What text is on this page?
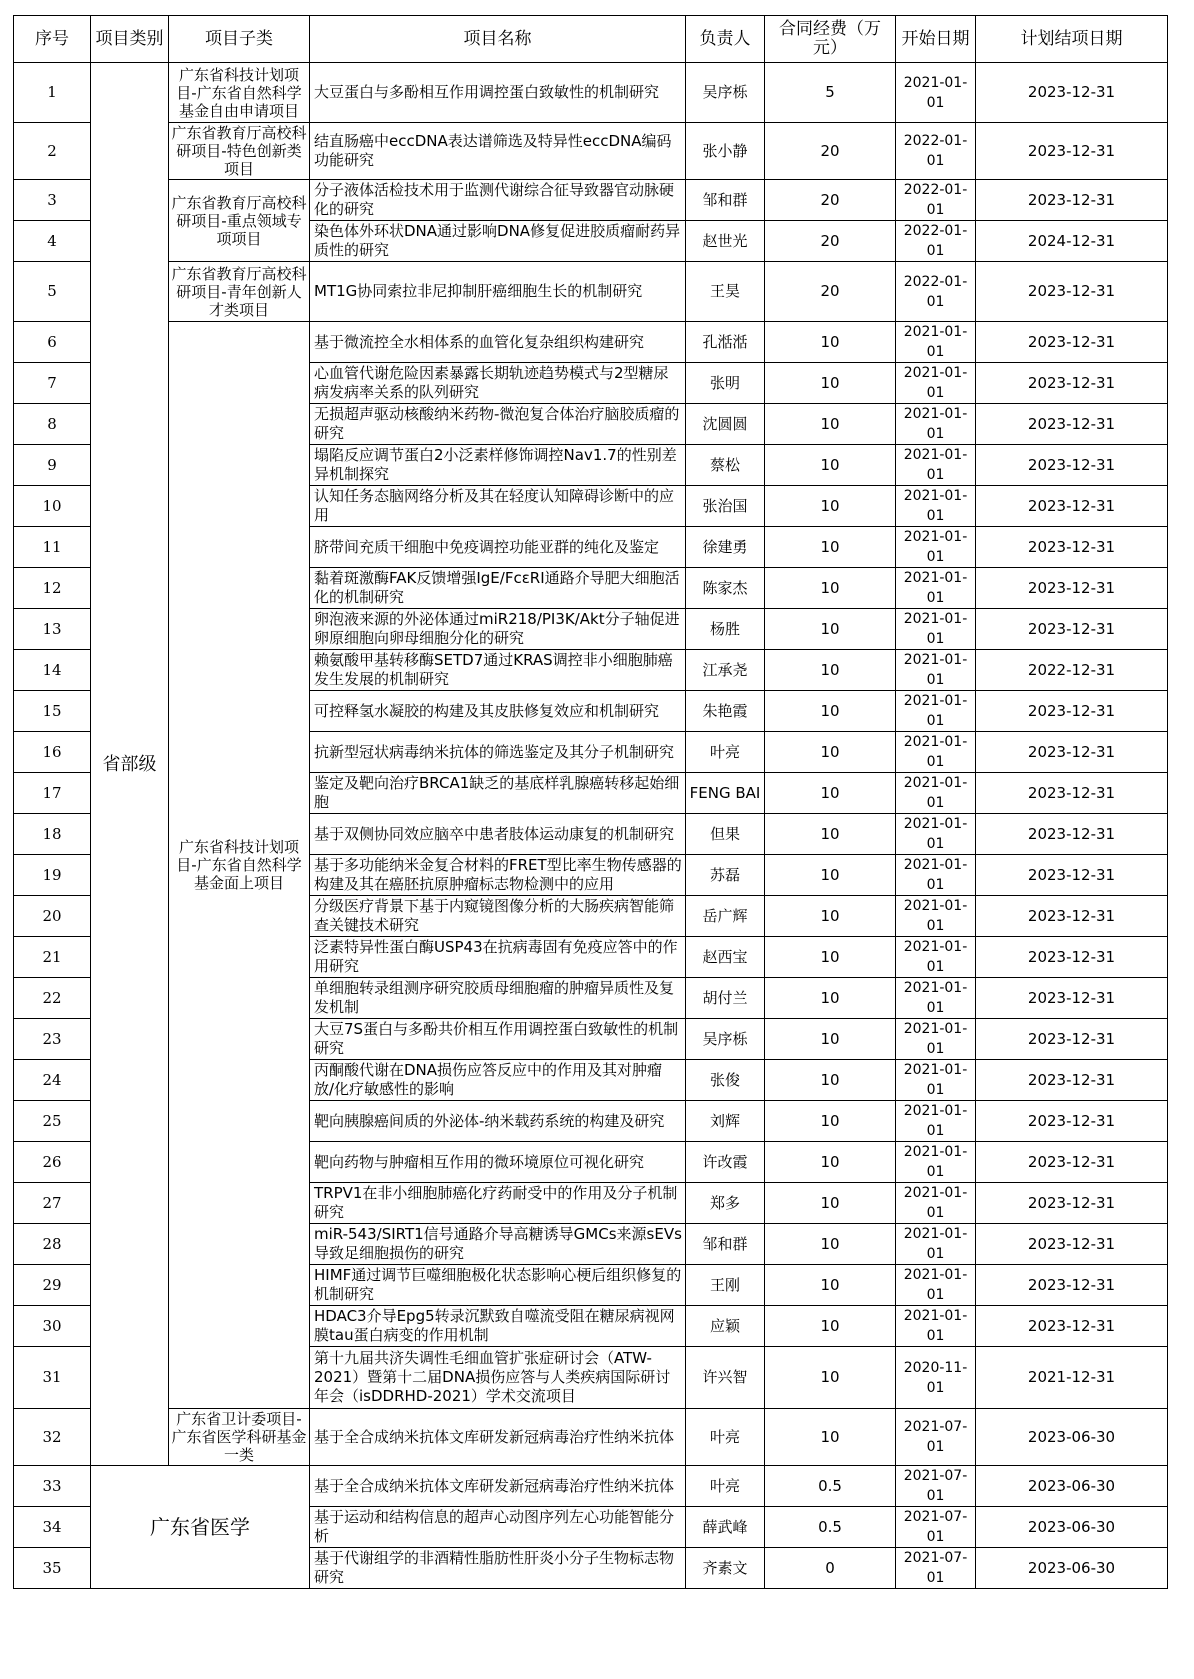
序号	项目类别	项目子类	项目名称	负责人	合同经费（万元）	开始日期	计划结项日期
1	省部级	广东省科技计划项目-广东省自然科学基金自由申请项目	大豆蛋白与多酚相互作用调控蛋白致敏性的机制研究	吴序栎	5	2021-01-01	2023-12-31
2		广东省教育厅高校科研项目-特色创新类项目	结直肠癌中eccDNA表达谱筛选及特异性eccDNA编码功能研究	张小静	20	2022-01-01	2023-12-31
3		广东省教育厅高校科研项目-重点领域专项项目	分子液体活检技术用于监测代谢综合征导致器官动脉硬化的研究	邹和群	20	2022-01-01	2023-12-31
4			染色体外环状DNA通过影响DNA修复促进胶质瘤耐药异质性的研究	赵世光	20	2022-01-01	2024-12-31
5		广东省教育厅高校科研项目-青年创新人才类项目	MT1G协同索拉非尼抑制肝癌细胞生长的机制研究	王昊	20	2022-01-01	2023-12-31
6		广东省科技计划项目-广东省自然科学基金面上项目	基于微流控全水相体系的血管化复杂组织构建研究	孔湉湉	10	2021-01-01	2023-12-31
7			心血管代谢危险因素暴露长期轨迹趋势模式与2型糖尿病发病率关系的队列研究	张明	10	2021-01-01	2023-12-31
8			无损超声驱动核酸纳米药物-微泡复合体治疗脑胶质瘤的研究	沈圆圆	10	2021-01-01	2023-12-31
9			塌陷反应调节蛋白2小泛素样修饰调控Nav1.7的性别差异机制探究	蔡松	10	2021-01-01	2023-12-31
10			认知任务态脑网络分析及其在轻度认知障碍诊断中的应用	张治国	10	2021-01-01	2023-12-31
11			脐带间充质干细胞中免疫调控功能亚群的纯化及鉴定	徐建勇	10	2021-01-01	2023-12-31
12			黏着斑激酶FAK反馈增强IgE/FcεRI通路介导肥大细胞活化的机制研究	陈家杰	10	2021-01-01	2023-12-31
13			卵泡液来源的外泌体通过miR218/PI3K/Akt分子轴促进卵原细胞向卵母细胞分化的研究	杨胜	10	2021-01-01	2023-12-31
14			赖氨酸甲基转移酶SETD7通过KRAS调控非小细胞肺癌发生发展的机制研究	江承尧	10	2021-01-01	2022-12-31
15			可控释氢水凝胶的构建及其皮肤修复效应和机制研究	朱艳霞	10	2021-01-01	2023-12-31
16			抗新型冠状病毒纳米抗体的筛选鉴定及其分子机制研究	叶亮	10	2021-01-01	2023-12-31
17			鉴定及靶向治疗BRCA1缺乏的基底样乳腺癌转移起始细胞	FENG BAI	10	2021-01-01	2023-12-31
18			基于双侧协同效应脑卒中患者肢体运动康复的机制研究	但果	10	2021-01-01	2023-12-31
19			基于多功能纳米金复合材料的FRET型比率生物传感器的构建及其在癌胚抗原肿瘤标志物检测中的应用	苏磊	10	2021-01-01	2023-12-31
20			分级医疗背景下基于内窥镜图像分析的大肠疾病智能筛查关键技术研究	岳广辉	10	2021-01-01	2023-12-31
21			泛素特异性蛋白酶USP43在抗病毒固有免疫应答中的作用研究	赵西宝	10	2021-01-01	2023-12-31
22			单细胞转录组测序研究胶质母细胞瘤的肿瘤异质性及复发机制	胡付兰	10	2021-01-01	2023-12-31
23			大豆7S蛋白与多酚共价相互作用调控蛋白致敏性的机制研究	吴序栎	10	2021-01-01	2023-12-31
24			丙酮酸代谢在DNA损伤应答反应中的作用及其对肿瘤放/化疗敏感性的影响	张俊	10	2021-01-01	2023-12-31
25			靶向胰腺癌间质的外泌体-纳米载药系统的构建及研究	刘辉	10	2021-01-01	2023-12-31
26			靶向药物与肿瘤相互作用的微环境原位可视化研究	许改霞	10	2021-01-01	2023-12-31
27			TRPV1在非小细胞肺癌化疗药耐受中的作用及分子机制研究	郑多	10	2021-01-01	2023-12-31
28			miR-543/SIRT1信号通路介导高糖诱导GMCs来源sEVs导致足细胞损伤的研究	邹和群	10	2021-01-01	2023-12-31
29			HIMF通过调节巨噬细胞极化状态影响心梗后组织修复的机制研究	王刚	10	2021-01-01	2023-12-31
30			HDAC3介导Epg5转录沉默致自噬流受阻在糖尿病视网膜tau蛋白病变的作用机制	应颖	10	2021-01-01	2023-12-31
31			第十九届共济失调性毛细血管扩张症研讨会（ATW-2021）暨第十二届DNA损伤应答与人类疾病国际研讨年会（isDDRHD-2021）学术交流项目	许兴智	10	2020-11-01	2021-12-31
32		广东省卫计委项目-广东省医学科研基金一类	基于全合成纳米抗体文库研发新冠病毒治疗性纳米抗体	叶亮	10	2021-07-01	2023-06-30
33	广东省医学		基于全合成纳米抗体文库研发新冠病毒治疗性纳米抗体	叶亮	0.5	2021-07-01	2023-06-30
34			基于运动和结构信息的超声心动图序列左心功能智能分析	薛武峰	0.5	2021-07-01	2023-06-30
35			基于代谢组学的非酒精性脂肪性肝炎小分子生物标志物研究	齐素文	0	2021-07-01	2023-06-30
